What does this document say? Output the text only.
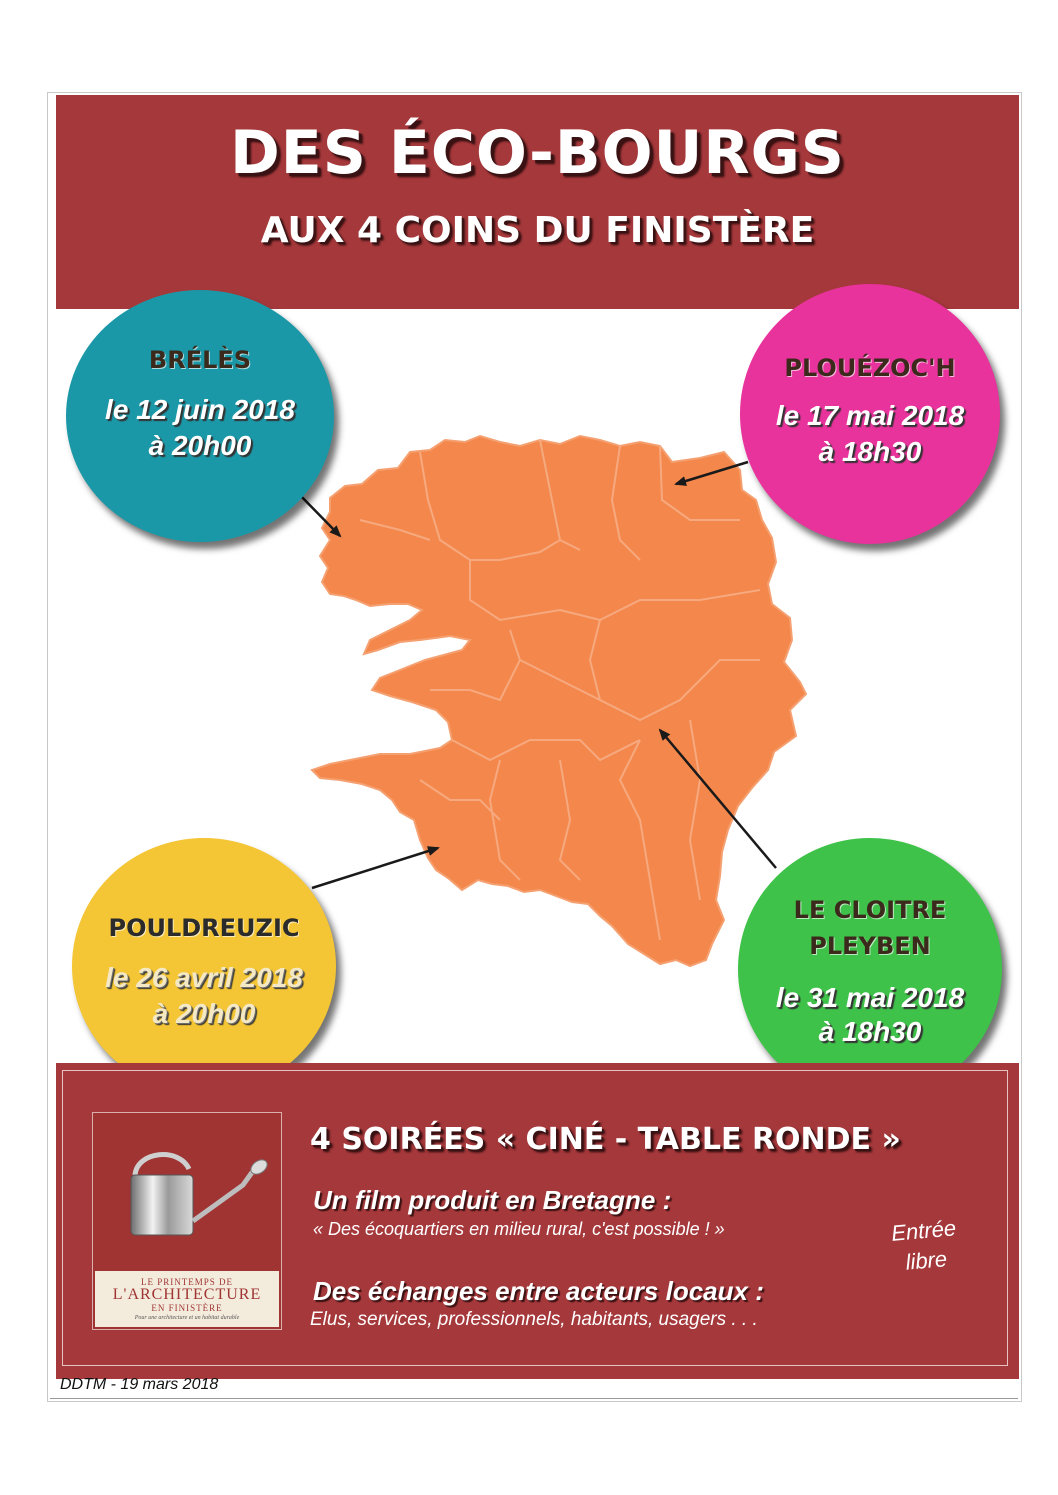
DES ÉCO-BOURGS
AUX 4 COINS DU FINISTÈRE
BRÉLÈS
le 12 juin 2018
à 20h00
PLOUÉZOC'H
le 17 mai 2018
à 18h30
POULDREUZIC
le 26 avril 2018
à 20h00
LE CLOITRE
PLEYBEN
le 31 mai 2018
à 18h30
LE PRINTEMPS DE
L'ARCHITECTURE
EN FINISTÈRE
Pour une architecture et un habitat durable
4 SOIRÉES « CINÉ - TABLE RONDE »
Un film produit en Bretagne :
« Des écoquartiers en milieu rural, c'est possible ! »
Des échanges entre acteurs locaux :
Elus, services, professionnels, habitants, usagers . . .
Entrée
libre
DDTM - 19 mars 2018
